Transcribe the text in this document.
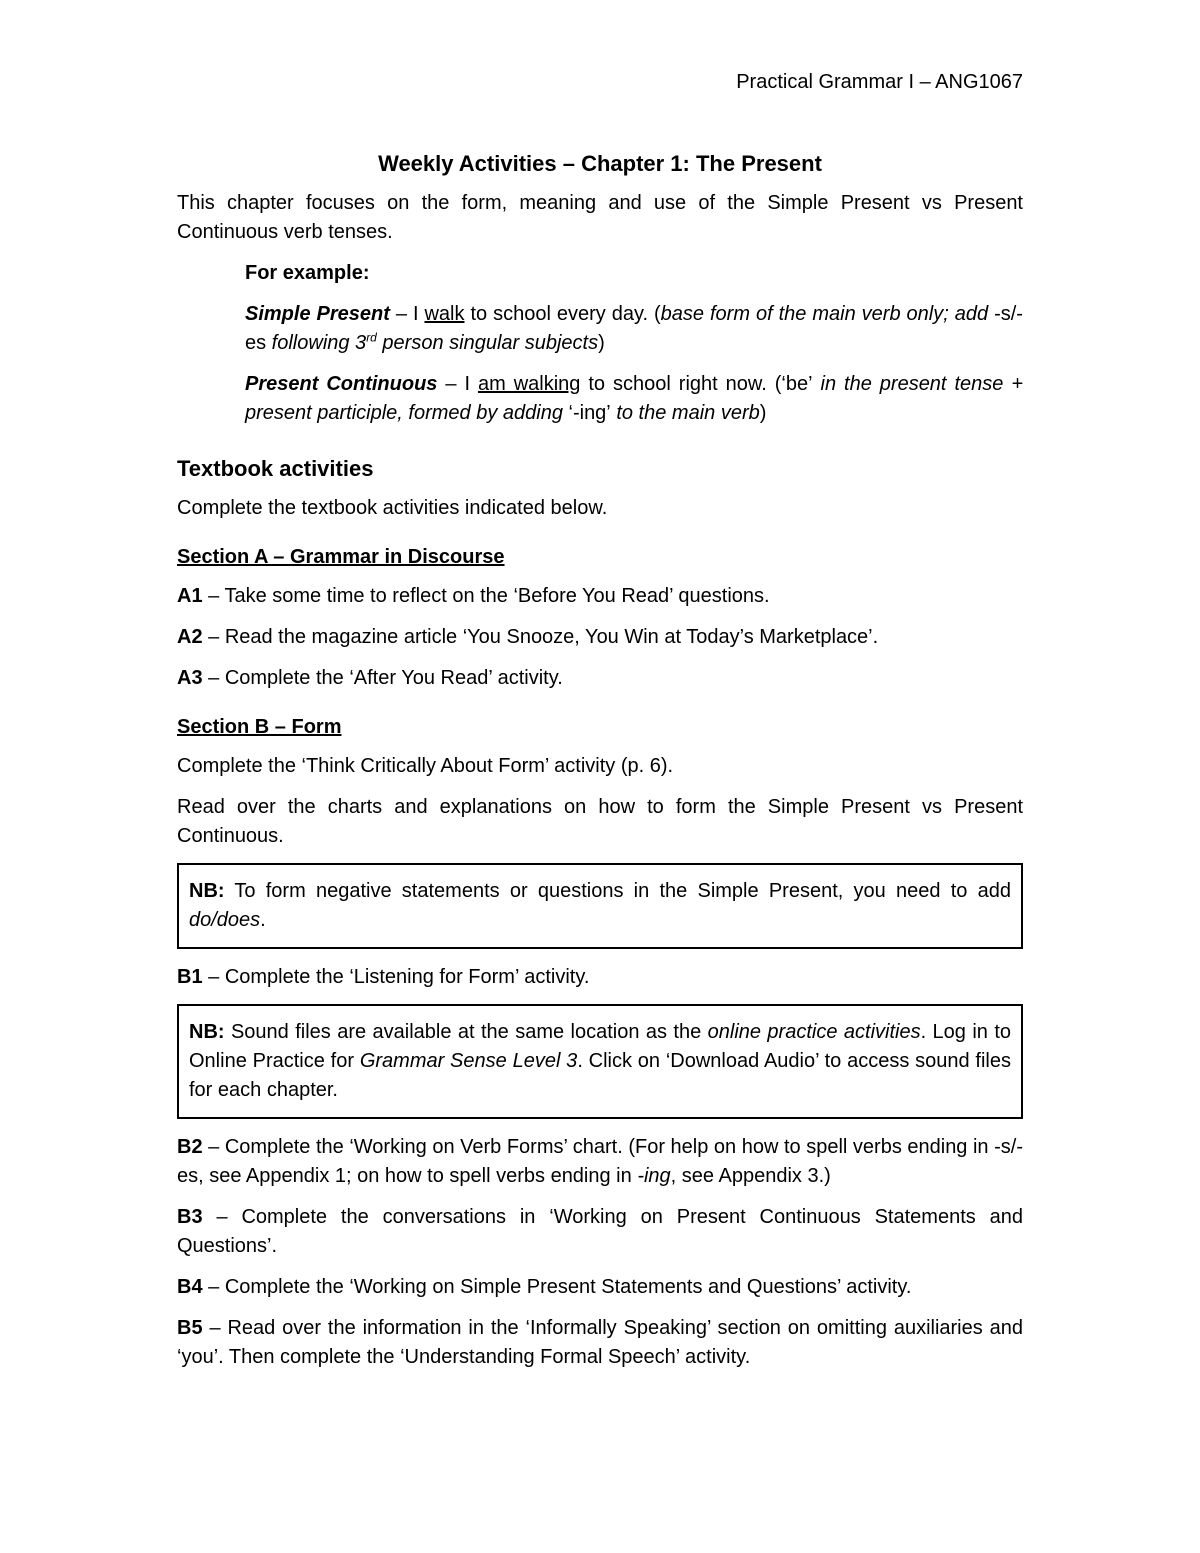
Practical Grammar I – ANG1067

Weekly Activities – Chapter 1: The Present

This chapter focuses on the form, meaning and use of the Simple Present vs Present Continuous verb tenses.

For example:

Simple Present – I walk to school every day. (base form of the main verb only; add -s/-es following 3rd person singular subjects)

Present Continuous – I am walking to school right now. (‘be’ in the present tense + present participle, formed by adding ‘-ing’ to the main verb)

Textbook activities

Complete the textbook activities indicated below.

Section A – Grammar in Discourse

A1 – Take some time to reflect on the ‘Before You Read’ questions.

A2 – Read the magazine article ‘You Snooze, You Win at Today’s Marketplace’.

A3 – Complete the ‘After You Read’ activity.

Section B – Form

Complete the ‘Think Critically About Form’ activity (p. 6).

Read over the charts and explanations on how to form the Simple Present vs Present Continuous.

NB: To form negative statements or questions in the Simple Present, you need to add do/does.

B1 – Complete the ‘Listening for Form’ activity.

NB: Sound files are available at the same location as the online practice activities. Log in to Online Practice for Grammar Sense Level 3. Click on ‘Download Audio’ to access sound files for each chapter.

B2 – Complete the ‘Working on Verb Forms’ chart. (For help on how to spell verbs ending in -s/-es, see Appendix 1; on how to spell verbs ending in -ing, see Appendix 3.)

B3 – Complete the conversations in ‘Working on Present Continuous Statements and Questions’.

B4 – Complete the ‘Working on Simple Present Statements and Questions’ activity.

B5 – Read over the information in the ‘Informally Speaking’ section on omitting auxiliaries and ‘you’. Then complete the ‘Understanding Formal Speech’ activity.
